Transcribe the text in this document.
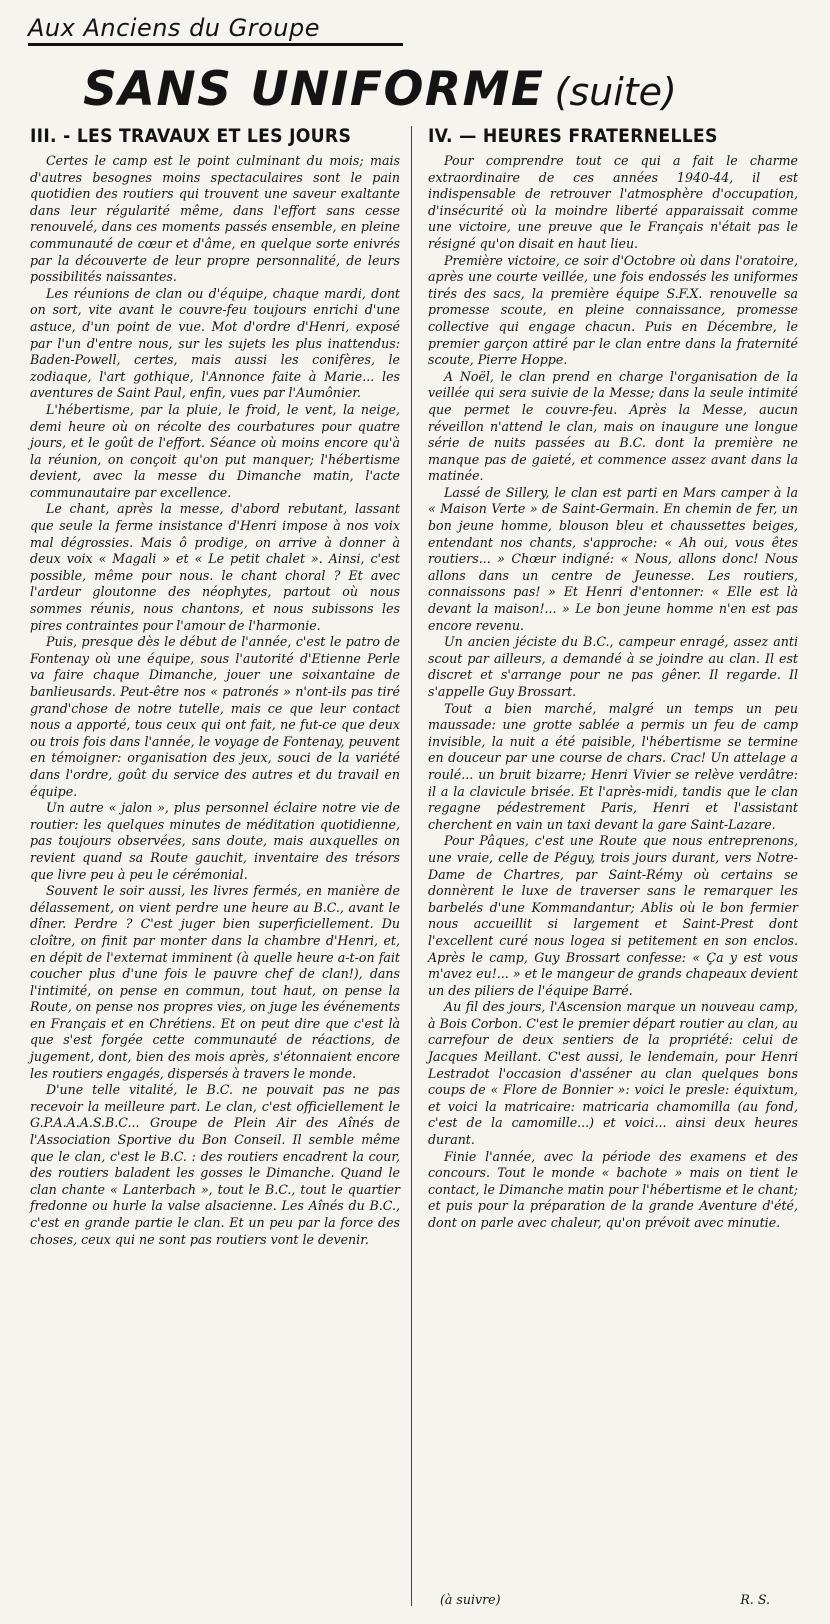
Aux Anciens du Groupe
SANS UNIFORME (suite)
III. - LES TRAVAUX ET LES JOURS

Certes le camp est le point culminant du mois; mais d'autres besognes moins spectaculaires sont le pain quotidien des routiers qui trouvent une saveur exaltante dans leur régularité même, dans l'effort sans cesse renouvelé, dans ces moments passés ensemble, en pleine communauté de cœur et d'âme, en quelque sorte enivrés par la découverte de leur propre personnalité, de leurs possibilités naissantes.

Les réunions de clan ou d'équipe, chaque mardi, dont on sort, vite avant le couvre-feu toujours enrichi d'une astuce, d'un point de vue. Mot d'ordre d'Henri, exposé par l'un d'entre nous, sur les sujets les plus inattendus: Baden-Powell, certes, mais aussi les conifères, le zodiaque, l'art gothique, l'Annonce faite à Marie... les aventures de Saint Paul, enfin, vues par l'Aumônier.

L'hébertisme, par la pluie, le froid, le vent, la neige, demi heure où on récolte des courbatures pour quatre jours, et le goût de l'effort. Séance où moins encore qu'à la réunion, on conçoit qu'on put manquer; l'hébertisme devient, avec la messe du Dimanche matin, l'acte communautaire par excellence.

Le chant, après la messe, d'abord rebutant, lassant que seule la ferme insistance d'Henri impose à nos voix mal dégrossies. Mais ô prodige, on arrive à donner à deux voix « Magali » et « Le petit chalet ». Ainsi, c'est possible, même pour nous. le chant choral ? Et avec l'ardeur gloutonne des néophytes, partout où nous sommes réunis, nous chantons, et nous subissons les pires contraintes pour l'amour de l'harmonie.

Puis, presque dès le début de l'année, c'est le patro de Fontenay où une équipe, sous l'autorité d'Etienne Perle va faire chaque Dimanche, jouer une soixantaine de banlieusards. Peut-être nos « patronés » n'ont-ils pas tiré grand'chose de notre tutelle, mais ce que leur contact nous a apporté, tous ceux qui ont fait, ne fut-ce que deux ou trois fois dans l'année, le voyage de Fontenay, peuvent en témoigner: organisation des jeux, souci de la variété dans l'ordre, goût du service des autres et du travail en équipe.

Un autre « jalon », plus personnel éclaire notre vie de routier: les quelques minutes de méditation quotidienne, pas toujours observées, sans doute, mais auxquelles on revient quand sa Route gauchit, inventaire des trésors que livre peu à peu le cérémonial.

Souvent le soir aussi, les livres fermés, en manière de délassement, on vient perdre une heure au B.C., avant le dîner. Perdre ? C'est juger bien superficiellement. Du cloître, on finit par monter dans la chambre d'Henri, et, en dépit de l'externat imminent (à quelle heure a-t-on fait coucher plus d'une fois le pauvre chef de clan!), dans l'intimité, on pense en commun, tout haut, on pense la Route, on pense nos propres vies, on juge les événements en Français et en Chrétiens. Et on peut dire que c'est là que s'est forgée cette communauté de réactions, de jugement, dont, bien des mois après, s'étonnaient encore les routiers engagés, dispersés à travers le monde.

D'une telle vitalité, le B.C. ne pouvait pas ne pas recevoir la meilleure part. Le clan, c'est officiellement le G.P.A.A.A.S.B.C... Groupe de Plein Air des Aînés de l'Association Sportive du Bon Conseil. Il semble même que le clan, c'est le B.C. : des routiers encadrent la cour, des routiers baladent les gosses le Dimanche. Quand le clan chante « Lanterbach », tout le B.C., tout le quartier fredonne ou hurle la valse alsacienne. Les Aînés du B.C., c'est en grande partie le clan. Et un peu par la force des choses, ceux qui ne sont pas routiers vont le devenir.

IV. — HEURES FRATERNELLES

Pour comprendre tout ce qui a fait le charme extraordinaire de ces années 1940-44, il est indispensable de retrouver l'atmosphère d'occupation, d'insécurité où la moindre liberté apparaissait comme une victoire, une preuve que le Français n'était pas le résigné qu'on disait en haut lieu.

Première victoire, ce soir d'Octobre où dans l'oratoire, après une courte veillée, une fois endossés les uniformes tirés des sacs, la première équipe S.F.X. renouvelle sa promesse scoute, en pleine connaissance, promesse collective qui engage chacun. Puis en Décembre, le premier garçon attiré par le clan entre dans la fraternité scoute, Pierre Hoppe.

A Noël, le clan prend en charge l'organisation de la veillée qui sera suivie de la Messe; dans la seule intimité que permet le couvre-feu. Après la Messe, aucun réveillon n'attend le clan, mais on inaugure une longue série de nuits passées au B.C. dont la première ne manque pas de gaieté, et commence assez avant dans la matinée.

Lassé de Sillery, le clan est parti en Mars camper à la « Maison Verte » de Saint-Germain. En chemin de fer, un bon jeune homme, blouson bleu et chaussettes beiges, entendant nos chants, s'approche: « Ah oui, vous êtes routiers... » Chœur indigné: « Nous, allons donc! Nous allons dans un centre de Jeunesse. Les routiers, connaissons pas! » Et Henri d'entonner: « Elle est là devant la maison!... » Le bon jeune homme n'en est pas encore revenu.

Un ancien jéciste du B.C., campeur enragé, assez anti scout par ailleurs, a demandé à se joindre au clan. Il est discret et s'arrange pour ne pas gêner. Il regarde. Il s'appelle Guy Brossart.

Tout a bien marché, malgré un temps un peu maussade: une grotte sablée a permis un feu de camp invisible, la nuit a été paisible, l'hébertisme se termine en douceur par une course de chars. Crac! Un attelage a roulé... un bruit bizarre; Henri Vivier se relève verdâtre: il a la clavicule brisée. Et l'après-midi, tandis que le clan regagne pédestrement Paris, Henri et l'assistant cherchent en vain un taxi devant la gare Saint-Lazare.

Pour Pâques, c'est une Route que nous entreprenons, une vraie, celle de Péguy, trois jours durant, vers Notre-Dame de Chartres, par Saint-Rémy où certains se donnèrent le luxe de traverser sans le remarquer les barbelés d'une Kommandantur; Ablis où le bon fermier nous accueillit si largement et Saint-Prest dont l'excellent curé nous logea si petitement en son enclos. Après le camp, Guy Brossart confesse: « Ça y est vous m'avez eu!... » et le mangeur de grands chapeaux devient un des piliers de l'équipe Barré.

Au fil des jours, l'Ascension marque un nouveau camp, à Bois Corbon. C'est le premier départ routier au clan, au carrefour de deux sentiers de la propriété: celui de Jacques Meillant. C'est aussi, le lendemain, pour Henri Lestradot l'occasion d'asséner au clan quelques bons coups de « Flore de Bonnier »: voici le presle: équixtum, et voici la matricaire: matricaria chamomilla (au fond, c'est de la camomille...) et voici... ainsi deux heures durant.

Finie l'année, avec la période des examens et des concours. Tout le monde « bachote » mais on tient le contact, le Dimanche matin pour l'hébertisme et le chant; et puis pour la préparation de la grande Aventure d'été, dont on parle avec chaleur, qu'on prévoit avec minutie.

(à suivre)	R. S.
